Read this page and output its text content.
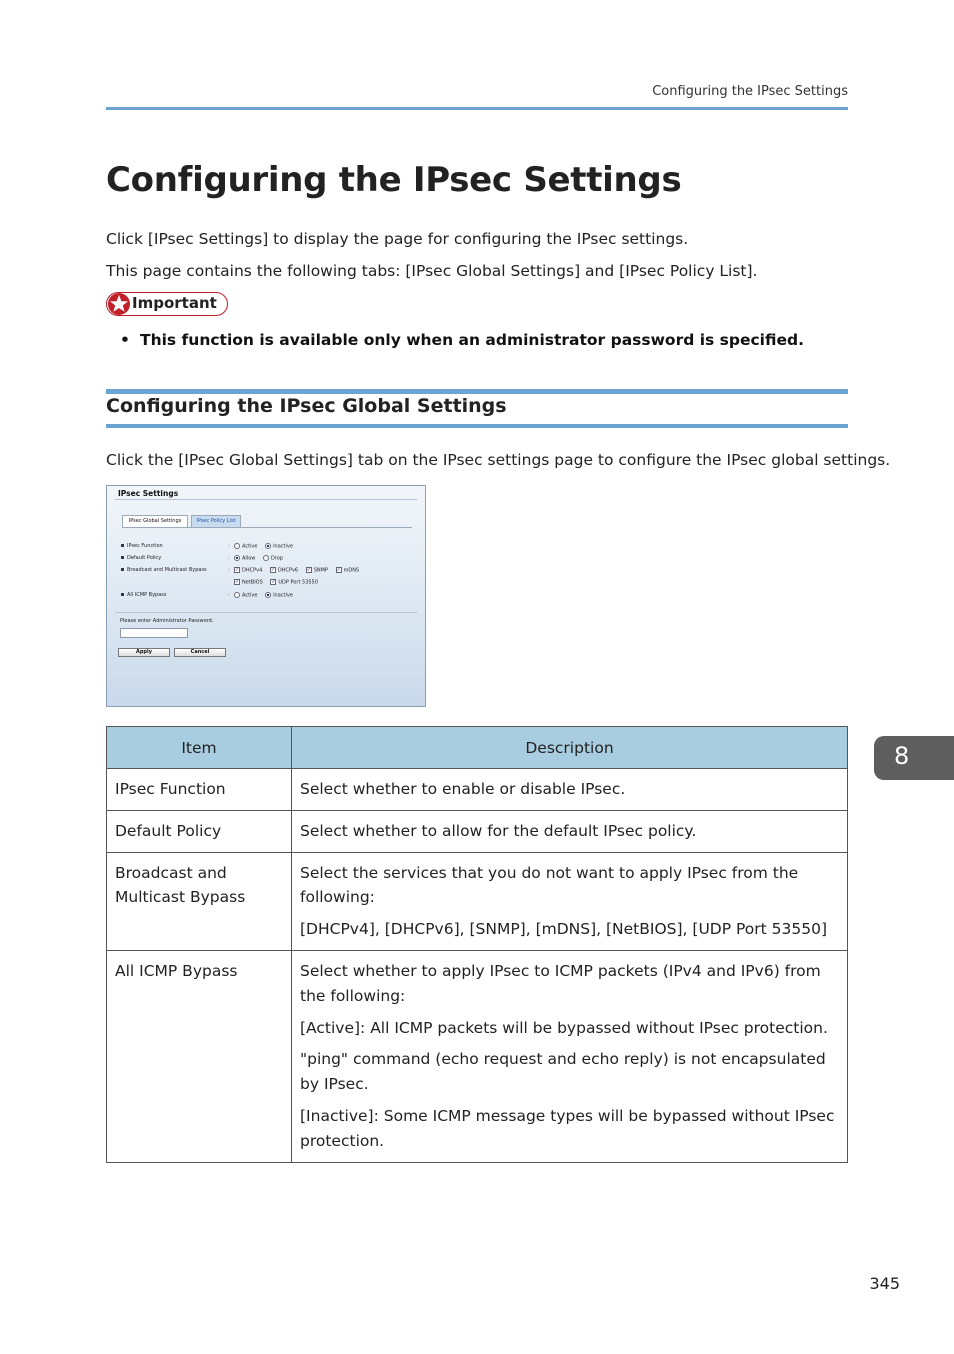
Configuring the IPsec Settings
Configuring the IPsec Settings
Click [IPsec Settings] to display the page for configuring the IPsec settings.
This page contains the following tabs: [IPsec Global Settings] and [IPsec Policy List].
Important
• This function is available only when an administrator password is specified.
Configuring the IPsec Global Settings
Click the [IPsec Global Settings] tab on the IPsec settings page to configure the IPsec global settings.
IPsec Settings
IPsec Global Settings	IPsec Policy List
IPsec Function	:	Active	Inactive
Default Policy	:	Allow	Drop
Broadcast and Multicast Bypass	: ✓ DHCPv4 ✓ DHCPv6 ✓ SNMP ✓ mDNS
✓ NetBIOS ✓ UDP Port 53550
All ICMP Bypass	:	Active	Inactive
Please enter Administrator Password.
Apply	Cancel
Item	Description
IPsec Function	Select whether to enable or disable IPsec.

Default Policy	Select whether to allow for the default IPsec policy.

Broadcast and Multicast Bypass	Select the services that you do not want to apply IPsec from the following:

[DHCPv4], [DHCPv6], [SNMP], [mDNS], [NetBIOS], [UDP Port 53550]

All ICMP Bypass	Select whether to apply IPsec to ICMP packets (IPv4 and IPv6) from the following:

[Active]: All ICMP packets will be bypassed without IPsec protection.

"ping" command (echo request and echo reply) is not encapsulated by IPsec.

[Inactive]: Some ICMP message types will be bypassed without IPsec protection.

8
345
